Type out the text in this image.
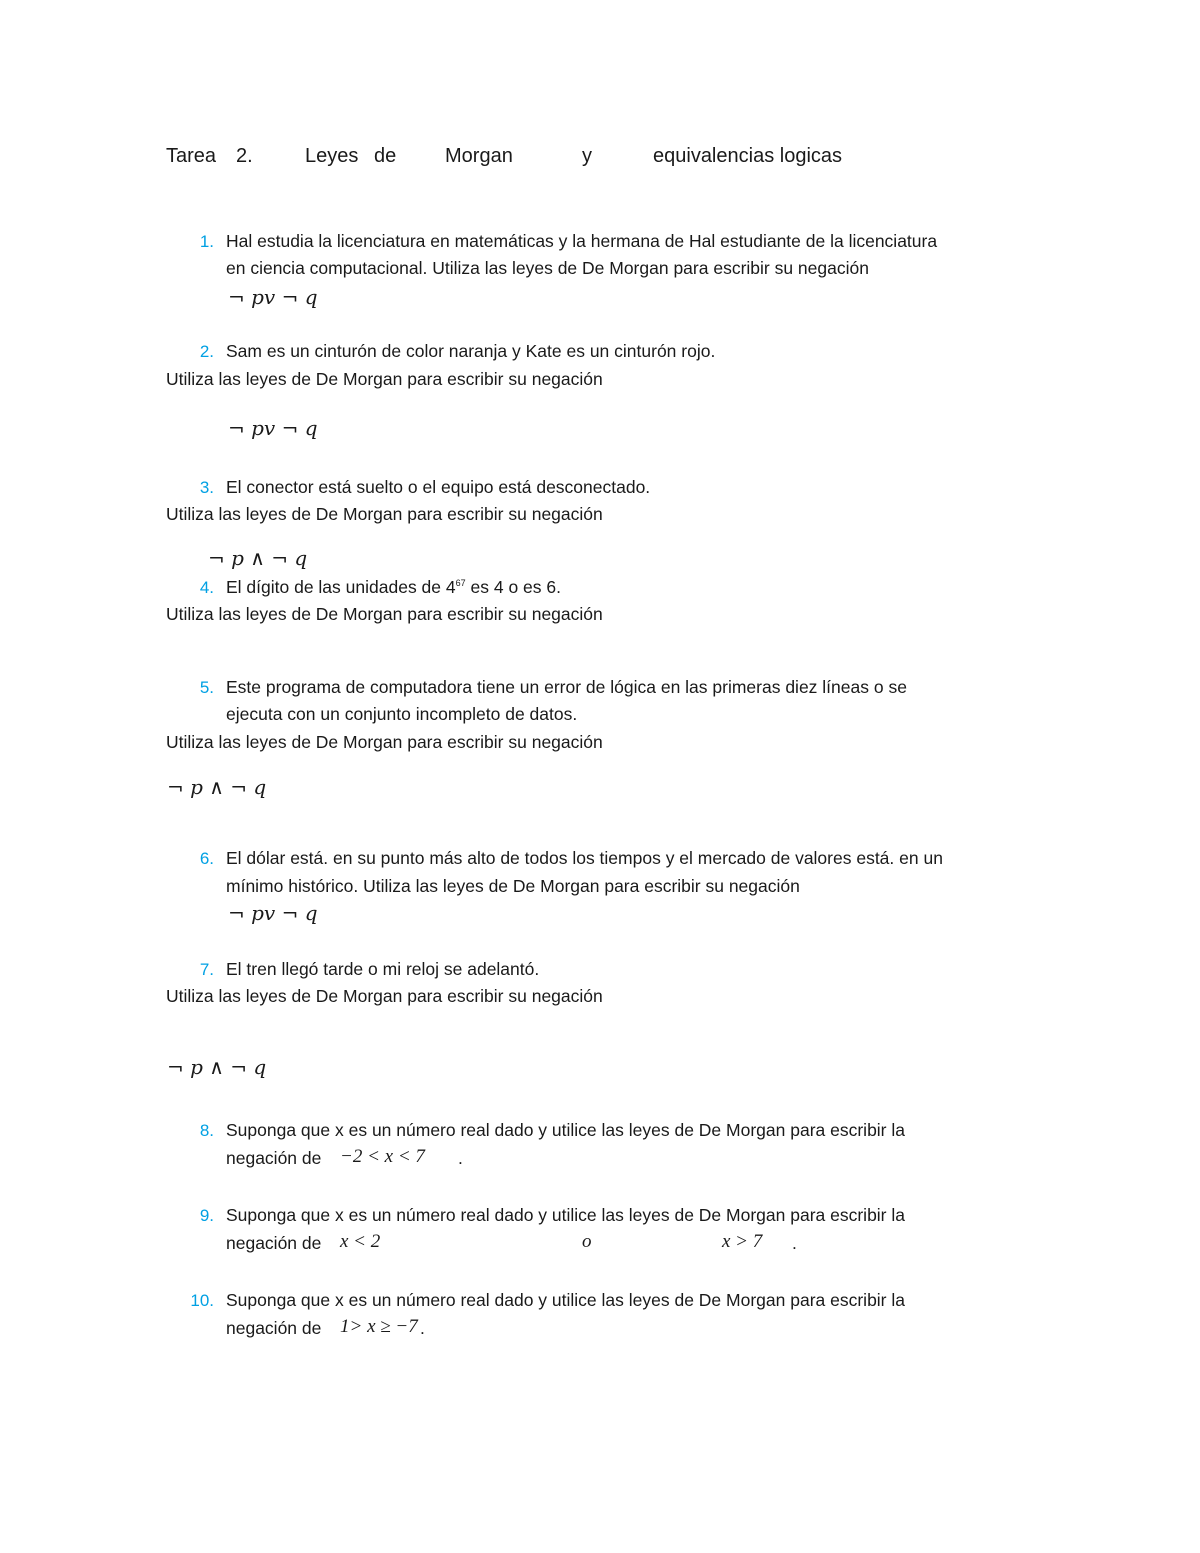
Tarea 2.	Leyes de Morgan	y	equivalencias logicas
1. Hal estudia la licenciatura en matemáticas y la hermana de Hal estudiante de la licenciatura
en ciencia computacional. Utiliza las leyes de De Morgan para escribir su negación
¬ pv ¬ q
2. Sam es un cinturón de color naranja y Kate es un cinturón rojo.
Utiliza las leyes de De Morgan para escribir su negación
¬ pv ¬ q
3. El conector está suelto o el equipo está desconectado.
Utiliza las leyes de De Morgan para escribir su negación
¬ p ∧ ¬ q
4. El dígito de las unidades de $4^{67}$ es 4 o es 6.
Utiliza las leyes de De Morgan para escribir su negación
5. Este programa de computadora tiene un error de lógica en las primeras diez líneas o se
ejecuta con un conjunto incompleto de datos.
Utiliza las leyes de De Morgan para escribir su negación
¬ p ∧ ¬ q
6. El dólar está. en su punto más alto de todos los tiempos y el mercado de valores está. en un
mínimo histórico. Utiliza las leyes de De Morgan para escribir su negación
¬ pv ¬ q
7. El tren llegó tarde o mi reloj se adelantó.
Utiliza las leyes de De Morgan para escribir su negación
¬ p ∧ ¬ q
8. Suponga que x es un número real dado y utilice las leyes de De Morgan para escribir la
negación de −2 < x < 7 .
9. Suponga que x es un número real dado y utilice las leyes de De Morgan para escribir la
negación de x < 2	o	x > 7 .
10. Suponga que x es un número real dado y utilice las leyes de De Morgan para escribir la
negación de 1> x ≥ −7 .
